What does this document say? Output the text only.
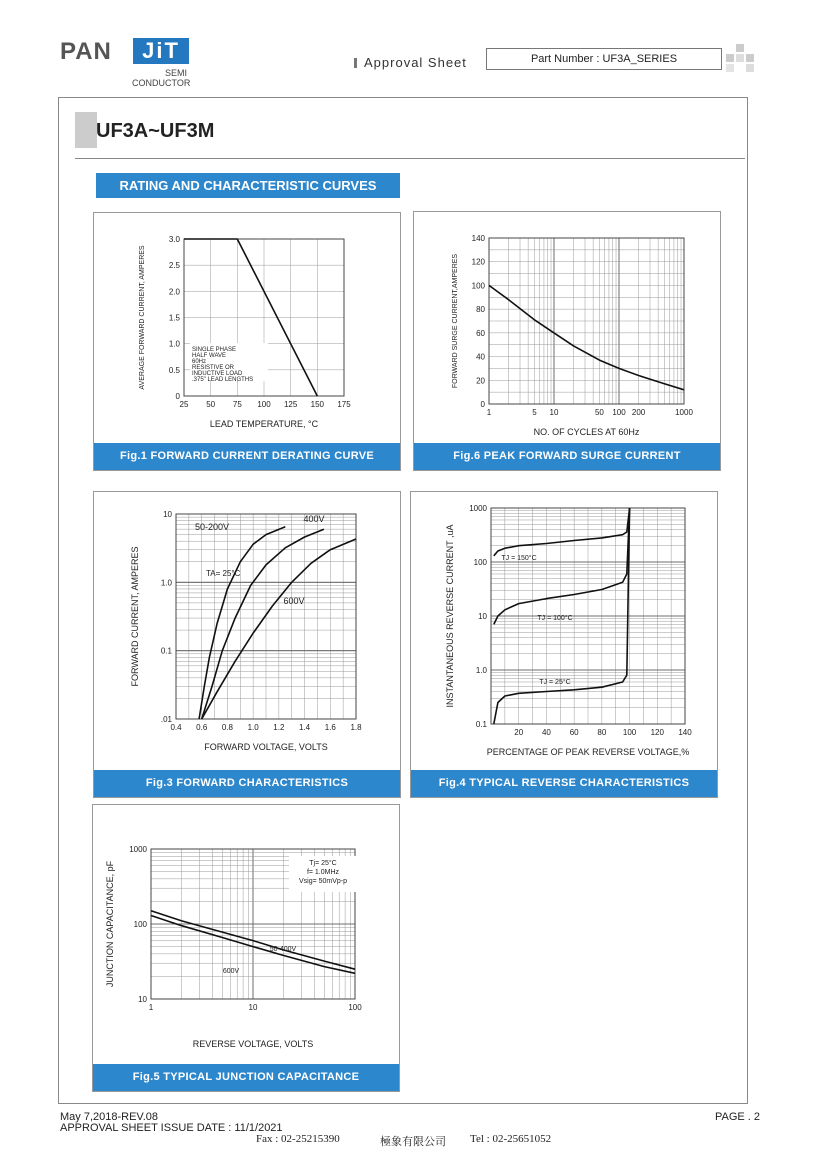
PAN	JiT
SEMI
CONDUCTOR
Approval Sheet	Part Number : UF3A_SERIES
UF3A~UF3M
RATING AND CHARACTERISTIC CURVES
25 50 75 100 125 150 175
0
0.5
1.0
1.5
2.0
2.5
3.0
LEAD TEMPERATURE, °C
AVERAGE FORWARD CURRENT, AMPERES	SINGLE PHASE
HALF WAVE
60Hz
RESISTIVE OR
INDUCTIVE LOAD
.375" LEAD LENGTHS
Fig.1 FORWARD CURRENT DERATING CURVE
1	5 10	50 100 200	1000
0
20
40
60
80
100
120
140
NO. OF CYCLES AT 60Hz
FORWARD SURGE CURRENT,AMPERES
Fig.6 PEAK FORWARD SURGE CURRENT
0.4 0.6 0.8 1.0 1.2 1.4 1.6 1.8
.01
0.1
1.0
10
FORWARD VOLTAGE, VOLTS
FORWARD CURRENT, AMPERES
50-200V
400V
600V
TA= 25°C
Fig.3 FORWARD CHARACTERISTICS
20 40 60 80 100 120 140
0.1
1.0
10
100
1000
PERCENTAGE OF PEAK REVERSE VOLTAGE,%
INSTANTANEOUS REVERSE CURRENT ,uA	TJ = 150°C
TJ = 100°C
TJ = 25°C
Fig.4 TYPICAL REVERSE CHARACTERISTICS
1	10	100
10
100
1000
REVERSE VOLTAGE, VOLTS
JUNCTION CAPACITANCE, pF	50-400V
600V
Tj= 25°C
f= 1.0MHz
Vsig= 50mVp-p
Fig.5 TYPICAL JUNCTION CAPACITANCE
May 7,2018-REV.08
APPROVAL SHEET ISSUE DATE : 11/1/2021
Fax : 02-25215390	極象有限公司 Tel : 02-25651052
PAGE . 2
